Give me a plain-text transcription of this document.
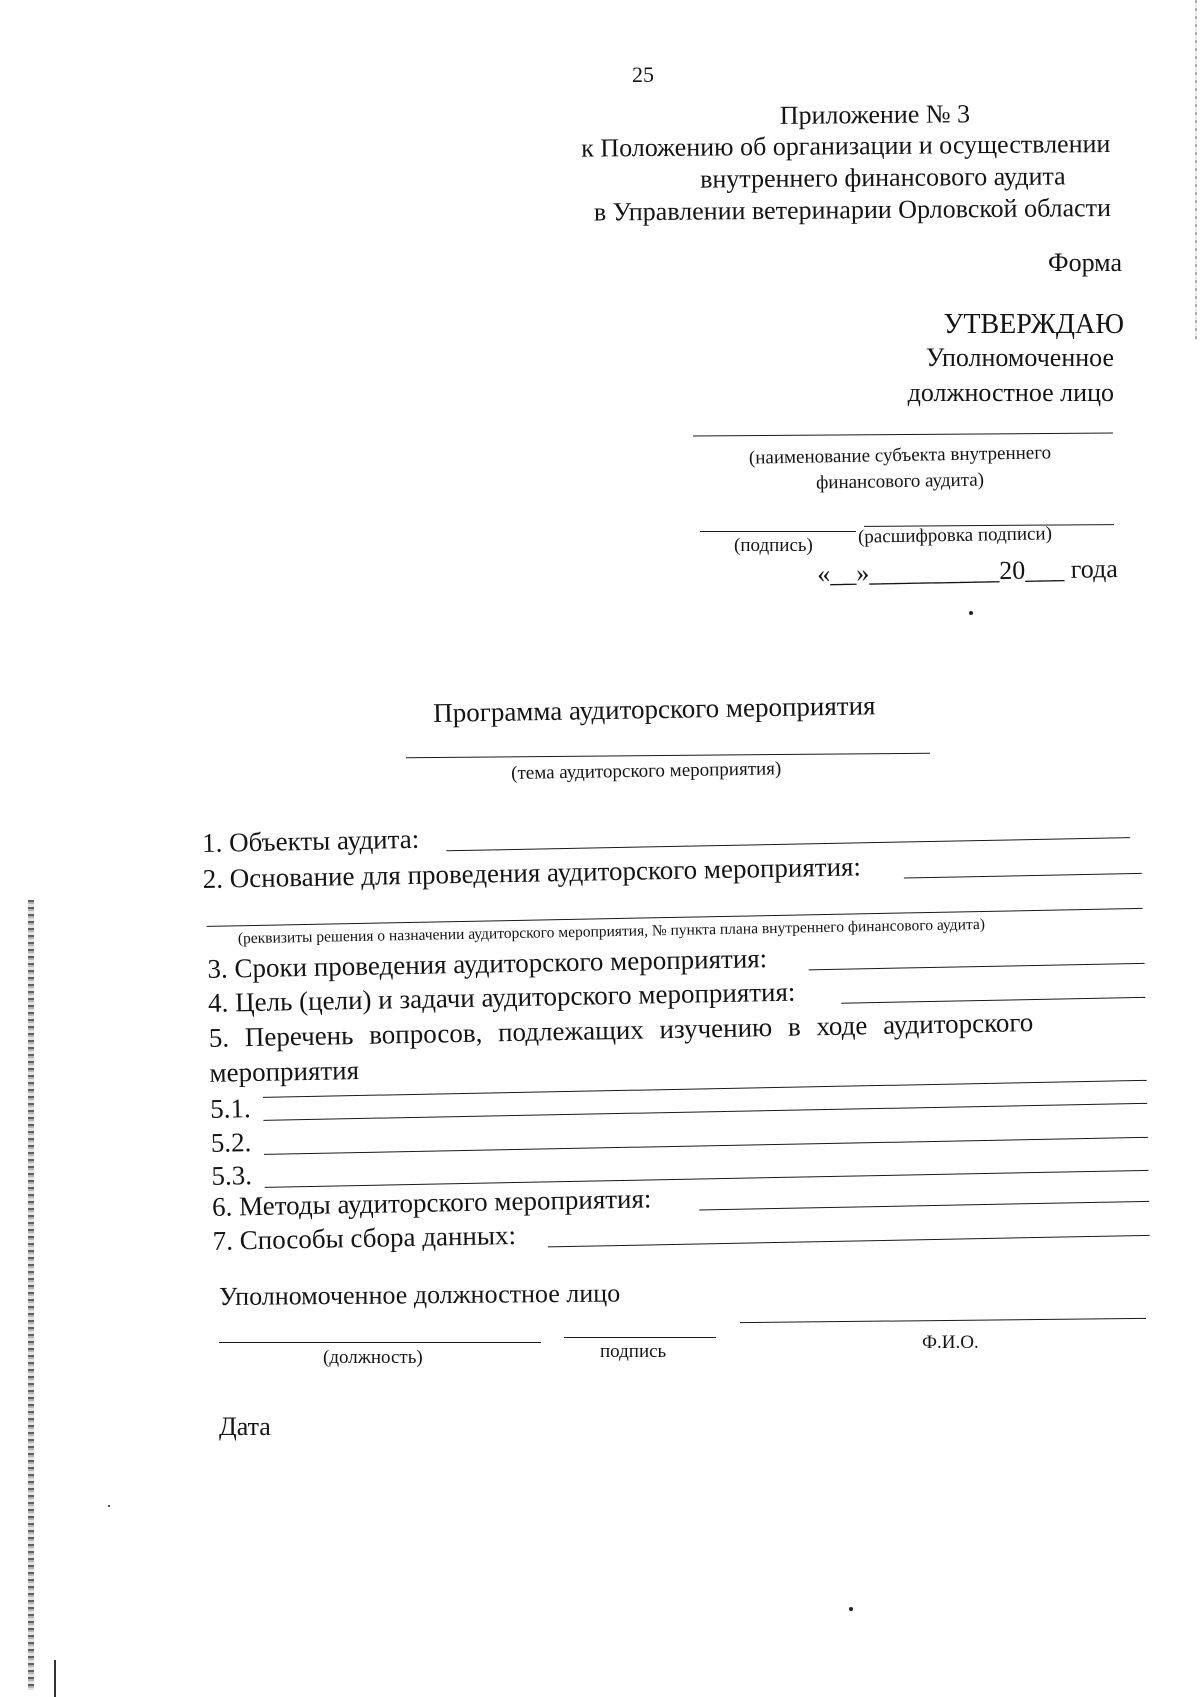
25
Приложение № 3
к Положению об организации и осуществлении
внутреннего финансового аудита
в Управлении ветеринарии Орловской области
Форма
УТВЕРЖДАЮ
Уполномоченное
должностное лицо
(наименование субъекта внутреннего
финансового аудита)
(подпись) (расшифровка подписи)
«__»__________20___ года
Программа аудиторского мероприятия
(тема аудиторского мероприятия)
1. Объекты аудита:
2. Основание для проведения аудиторского мероприятия:
(реквизиты решения о назначении аудиторского мероприятия, № пункта плана внутреннего финансового аудита)
3. Сроки проведения аудиторского мероприятия:
4. Цель (цели) и задачи аудиторского мероприятия:
5. Перечень вопросов, подлежащих изучению в ходе аудиторского
мероприятия
5.1.
5.2.
5.3.
6. Методы аудиторского мероприятия:
7. Способы сбора данных:
Уполномоченное должностное лицо
(должность)	подпись	Ф.И.О.
Дата
